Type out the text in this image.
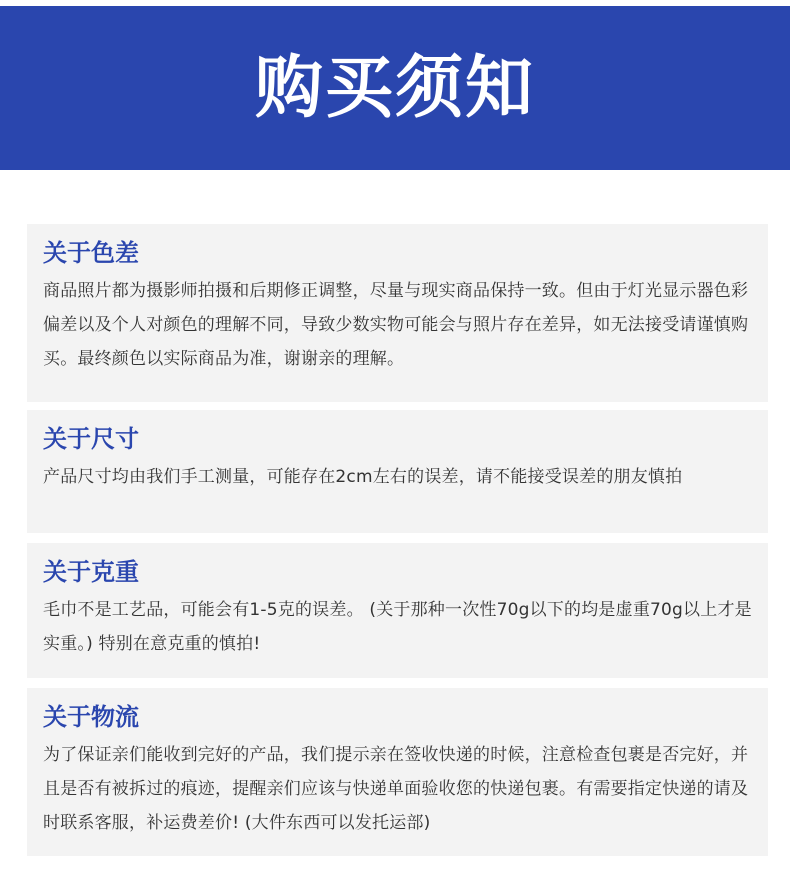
购买须知
关于色差

商品照片都为摄影师拍摄和后期修正调整，尽量与现实商品保持一致。但由于灯光显示器色彩偏差以及个人对颜色的理解不同，导致少数实物可能会与照片存在差异，如无法接受请谨慎购买。最终颜色以实际商品为准，谢谢亲的理解。

关于尺寸

产品尺寸均由我们手工测量，可能存在2cm左右的误差，请不能接受误差的朋友慎拍

关于克重

毛巾不是工艺品，可能会有1-5克的误差。 (关于那种一次性70g以下的均是虚重70g以上才是实重。) 特别在意克重的慎拍!

关于物流

为了保证亲们能收到完好的产品，我们提示亲在签收快递的时候，注意检查包裹是否完好，并且是否有被拆过的痕迹，提醒亲们应该与快递单面验收您的快递包裹。有需要指定快递的请及时联系客服，补运费差价! (大件东西可以发托运部)
